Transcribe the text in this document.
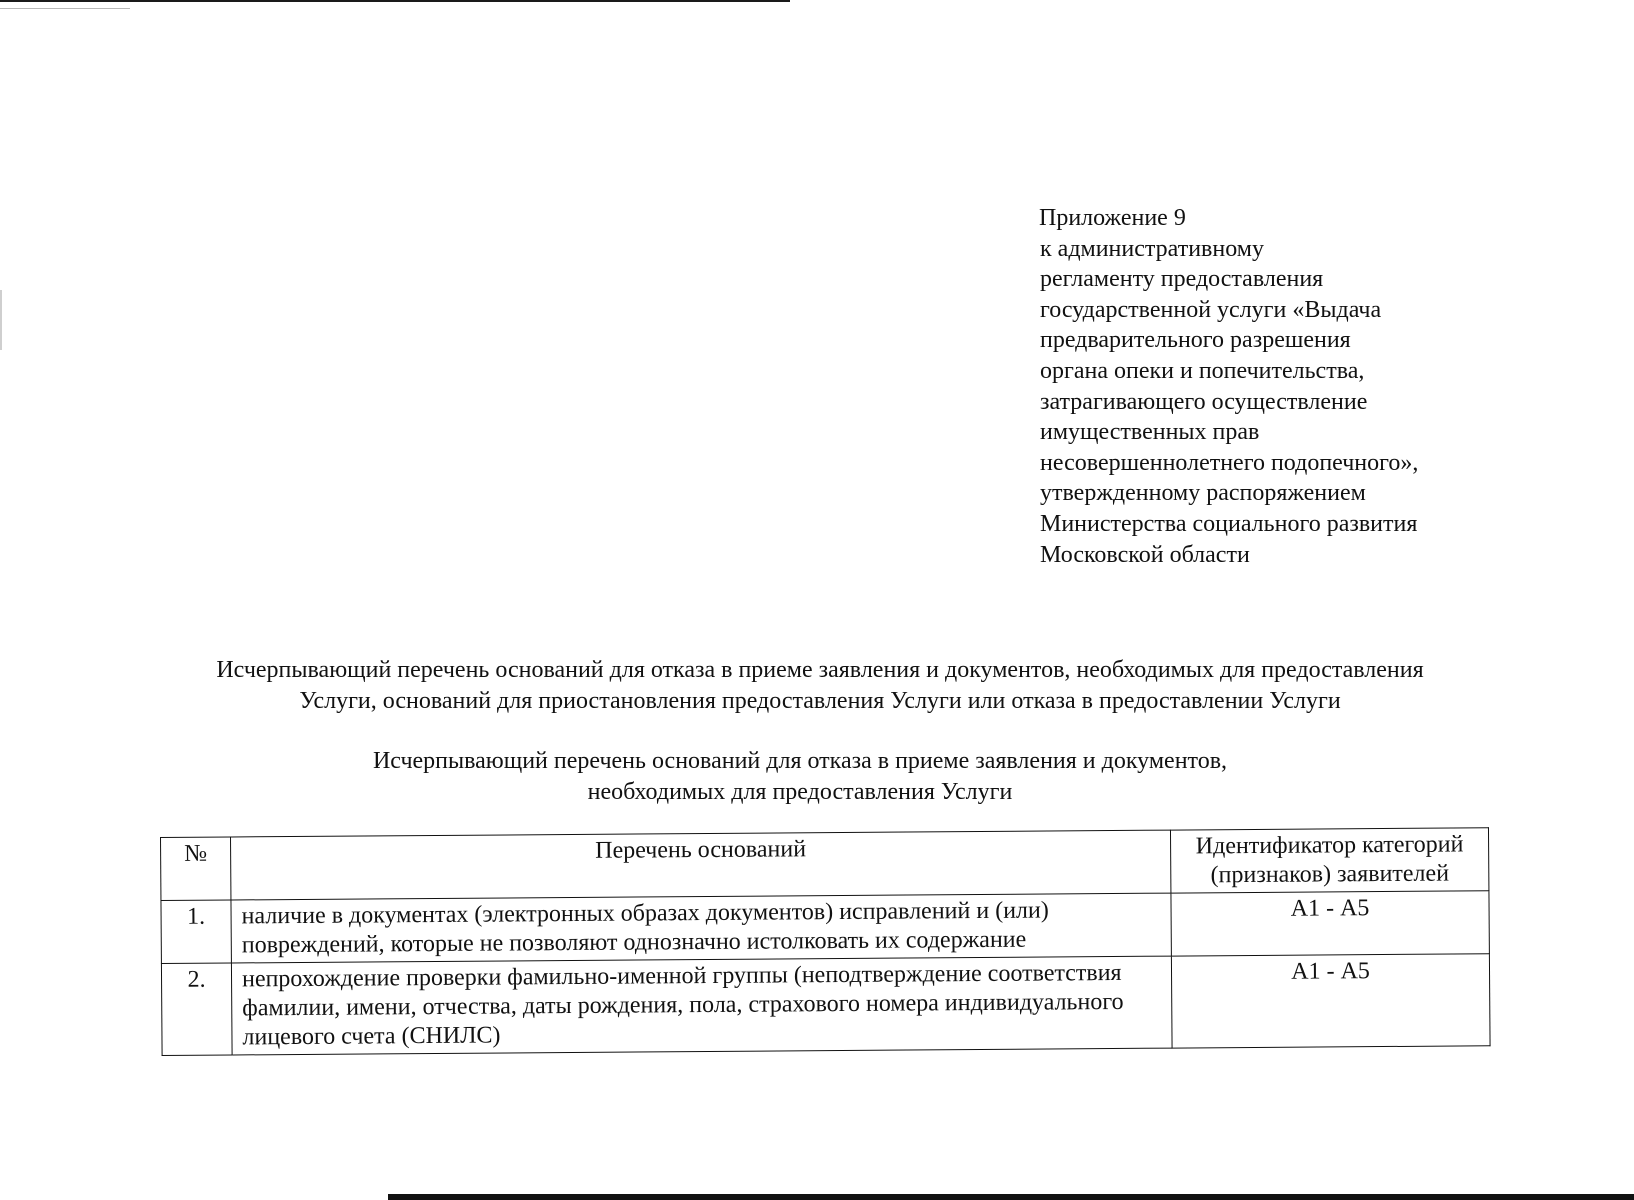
Приложение 9
к административному
регламенту предоставления
государственной услуги «Выдача
предварительного разрешения
органа опеки и попечительства,
затрагивающего осуществление
имущественных прав
несовершеннолетнего подопечного»,
утвержденному распоряжением
Министерства социального развития
Московской области
Исчерпывающий перечень оснований для отказа в приеме заявления и документов, необходимых для предоставления
Услуги, оснований для приостановления предоставления Услуги или отказа в предоставлении Услуги
Исчерпывающий перечень оснований для отказа в приеме заявления и документов,
необходимых для предоставления Услуги
№	Перечень оснований	Идентификатор категорий (признаков) заявителей
1.	наличие в документах (электронных образах документов) исправлений и (или) повреждений, которые не позволяют однозначно истолковать их содержание	А1 - А5
2.	непрохождение проверки фамильно-именной группы (неподтверждение соответствия фамилии, имени, отчества, даты рождения, пола, страхового номера индивидуального лицевого счета (СНИЛС)	А1 - А5
